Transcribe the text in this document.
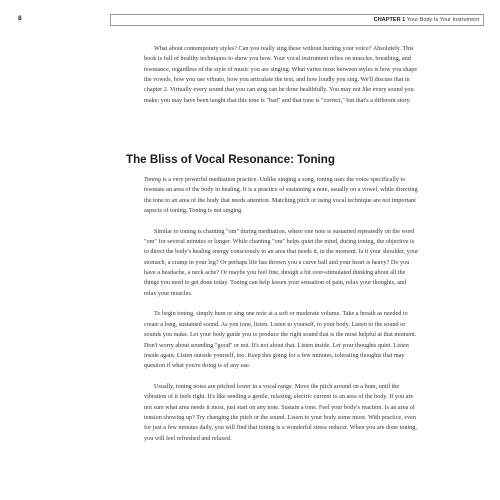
8	CHAPTER 1 Your Body Is Your Instrument

What about contemporary styles? Can you really sing these without hurting your voice? Absolutely. This book is full of healthy techniques to show you how. Your vocal instrument relies on muscles, breathing, and resonance, regardless of the style of music you are singing. What varies most between styles is how you shape the vowels, how you use vibrato, how you articulate the text, and how loudly you sing. We'll discuss that in chapter 2. Virtually every sound that you can sing can be done healthfully. You may not like every sound you make; you may have been taught that this tone is "bad" and that tone is "correct," but that's a different story.

The Bliss of Vocal Resonance: Toning

Toning is a very powerful meditation practice. Unlike singing a song, toning uses the voice specifically to resonate an area of the body in healing. It is a practice of sustaining a note, usually on a vowel, while directing the tone to an area of the body that needs attention. Matching pitch or using vocal technique are not important aspects of toning. Toning is not singing.

Similar to toning is chanting "om" during meditation, where one note is sustained repeatedly on the word "om" for several minutes or longer. While chanting "om" helps quiet the mind, during toning, the objective is to direct the body's healing energy consciously to an area that needs it, in the moment. Is it your shoulder, your stomach, a cramp in your leg? Or perhaps life has thrown you a curve ball and your heart is heavy? Do you have a headache, a neck ache? Or maybe you feel fine, though a bit over-stimulated thinking about all the things you need to get done today. Toning can help lessen your sensation of pain, relax your thoughts, and relax your muscles.

To begin toning, simply hum or sing one note at a soft or moderate volume. Take a breath as needed to create a long, sustained sound. As you tone, listen. Listen to yourself, to your body. Listen to the sound or sounds you make. Let your body guide you to produce the right sound that is the most helpful at that moment. Don't worry about sounding "good" or not. It's not about that. Listen inside. Let your thoughts quiet. Listen inside again. Listen outside yourself, too. Keep this going for a few minutes, tolerating thoughts that may question if what you're doing is of any use.

Usually, toning notes are pitched lower in a vocal range. Move the pitch around on a hum, until the vibration of it feels right. It's like sending a gentle, relaxing, electric current to an area of the body. If you are not sure what area needs it most, just start on any note. Sustain a tone. Feel your body's reaction. Is an area of tension showing up? Try changing the pitch or the sound. Listen to your body some more. With practice, even for just a few minutes daily, you will find that toning is a wonderful stress reducer. When you are done toning, you will feel refreshed and relaxed.
